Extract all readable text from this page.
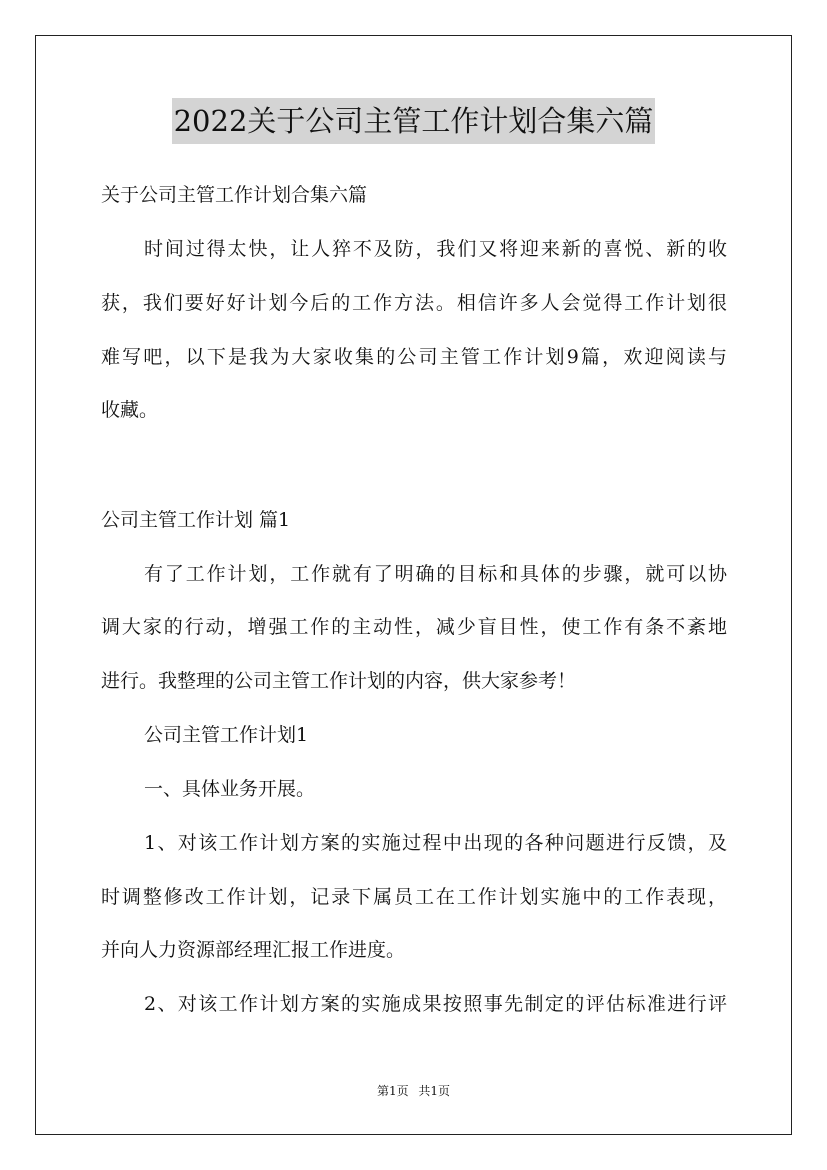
2022关于公司主管工作计划合集六篇
关于公司主管工作计划合集六篇
时间过得太快，让人猝不及防，我们又将迎来新的喜悦、新的收
获，我们要好好计划今后的工作方法。相信许多人会觉得工作计划很
难写吧，以下是我为大家收集的公司主管工作计划9篇，欢迎阅读与
收藏。
公司主管工作计划 篇1
有了工作计划，工作就有了明确的目标和具体的步骤，就可以协
调大家的行动，增强工作的主动性，减少盲目性，使工作有条不紊地
进行。我整理的公司主管工作计划的内容，供大家参考！
公司主管工作计划1
一、具体业务开展。
1、对该工作计划方案的实施过程中出现的各种问题进行反馈，及
时调整修改工作计划，记录下属员工在工作计划实施中的工作表现，
并向人力资源部经理汇报工作进度。
2、对该工作计划方案的实施成果按照事先制定的评估标准进行评
第1页 共1页
